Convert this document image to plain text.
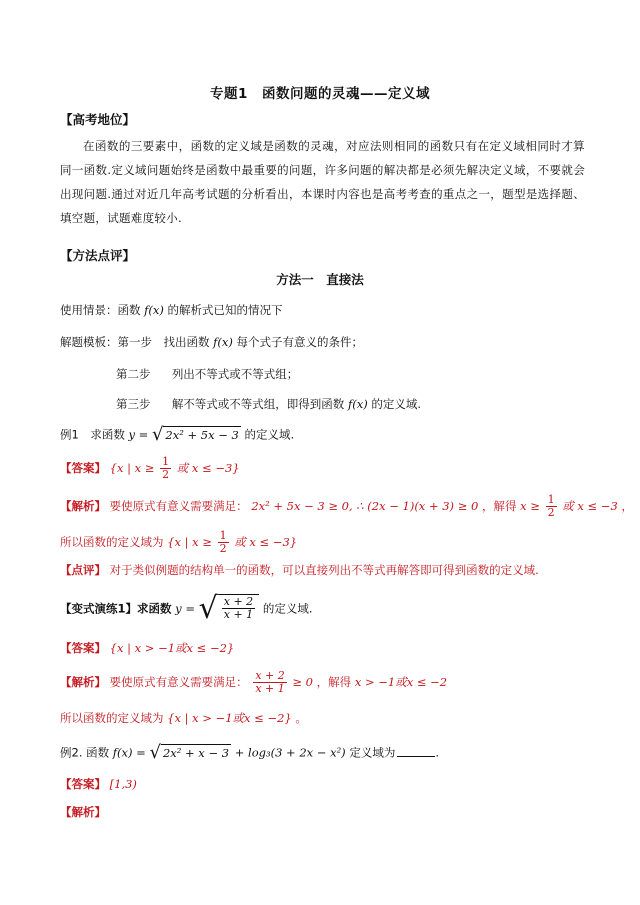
专题1　函数问题的灵魂——定义域
【高考地位】
在函数的三要素中，函数的定义域是函数的灵魂，对应法则相同的函数只有在定义域相同时才算同一函数.定义域问题始终是函数中最重要的问题，许多问题的解决都是必须先解决定义域，不要就会出现问题.通过对近几年高考试题的分析看出，本课时内容也是高考考查的重点之一，题型是选择题、填空题，试题难度较小.
【方法点评】
方法一　直接法
使用情景：函数 f(x) 的解析式已知的情况下
解题模板：第一步　找出函数 f(x) 每个式子有意义的条件；
第二步 列出不等式或不等式组；
第三步 解不等式或不等式组，即得到函数 f(x) 的定义域.
例1　求函数 y = √ 2x² + 5x − 3 的定义域.
【答案】 {x | $x \ge \frac{1}{2}$ 或 x ≤ −3}
【解析】 要使原式有意义需要满足： 2x² + 5x − 3 ≥ 0, ∴ (2x − 1)(x + 3) ≥ 0 ，解得 $x \ge \frac{1}{2}$ 或 x ≤ −3 ，
所以函数的定义域为 {x | $x \ge \frac{1}{2}$ 或 x ≤ −3}
【点评】 对于类似例题的结构单一的函数，可以直接列出不等式再解答即可得到函数的定义域.
【变式演练1】求函数 y = √ $\frac{x + 2}{x + 1}$ 的定义域.
【答案】 {x | x > −1或x ≤ −2}
【解析】 要使原式有意义需要满足： $\frac{x + 2}{x + 1} \ge 0$ ，解得 x > −1或x ≤ −2
所以函数的定义域为 {x | x > −1或x ≤ −2} 。
例2. 函数 f(x) = √ 2x² + x − 3 + log₃(3 + 2x − x²) 定义域为	.
【答案】 [1,3)
【解析】
